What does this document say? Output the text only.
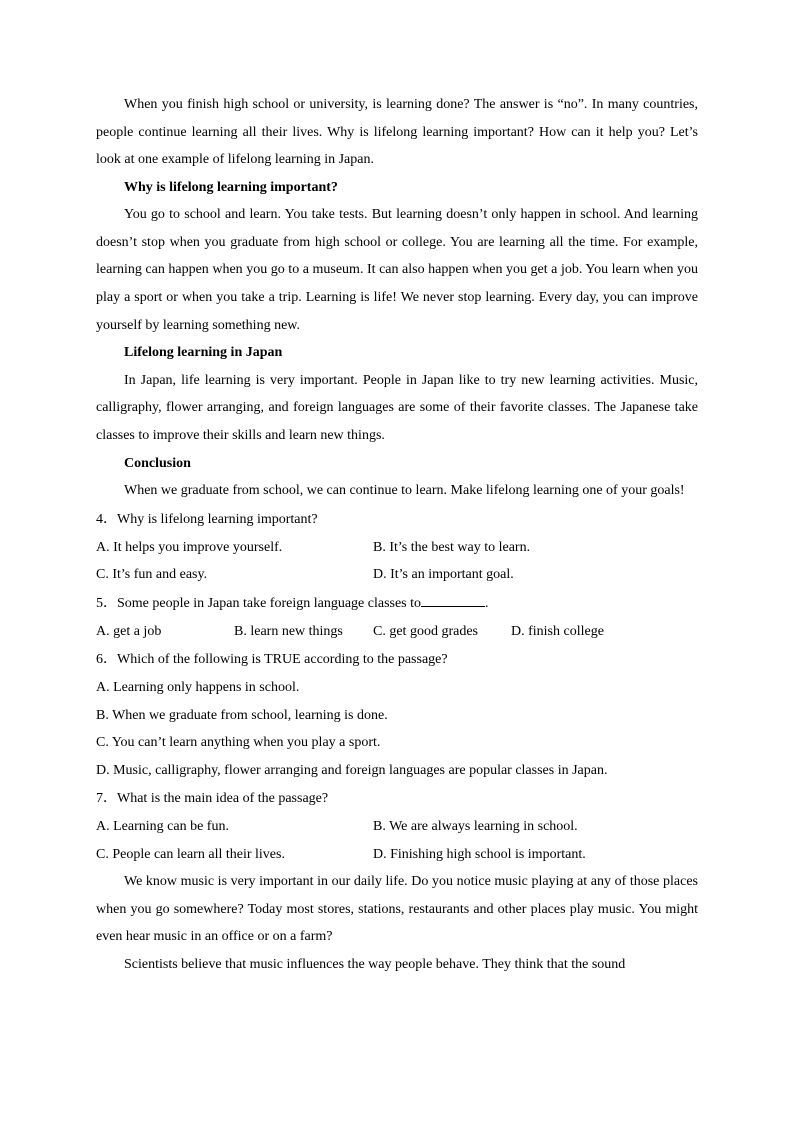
When you finish high school or university, is learning done? The answer is “no”. In many countries, people continue learning all their lives. Why is lifelong learning important? How can it help you? Let’s look at one example of lifelong learning in Japan.

Why is lifelong learning important?

You go to school and learn. You take tests. But learning doesn’t only happen in school. And learning doesn’t stop when you graduate from high school or college. You are learning all the time. For example, learning can happen when you go to a museum. It can also happen when you get a job. You learn when you play a sport or when you take a trip. Learning is life! We never stop learning. Every day, you can improve yourself by learning something new.

Lifelong learning in Japan

In Japan, life learning is very important. People in Japan like to try new learning activities. Music, calligraphy, flower arranging, and foreign languages are some of their favorite classes. The Japanese take classes to improve their skills and learn new things.

Conclusion

When we graduate from school, we can continue to learn. Make lifelong learning one of your goals!

4．Why is lifelong learning important?

A. It helps you improve yourself.	B. It’s the best way to learn.
C. It’s fun and easy.	D. It’s an important goal.

5．Some people in Japan take foreign language classes to	.

A. get a job	B. learn new things	C. get good grades	D. finish college

6．Which of the following is TRUE according to the passage?

A. Learning only happens in school.

B. When we graduate from school, learning is done.

C. You can’t learn anything when you play a sport.

D. Music, calligraphy, flower arranging and foreign languages are popular classes in Japan.

7．What is the main idea of the passage?

A. Learning can be fun.	B. We are always learning in school.
C. People can learn all their lives.	D. Finishing high school is important.

We know music is very important in our daily life. Do you notice music playing at any of those places when you go somewhere? Today most stores, stations, restaurants and other places play music. You might even hear music in an office or on a farm?

Scientists believe that music influences the way people behave. They think that the sound
